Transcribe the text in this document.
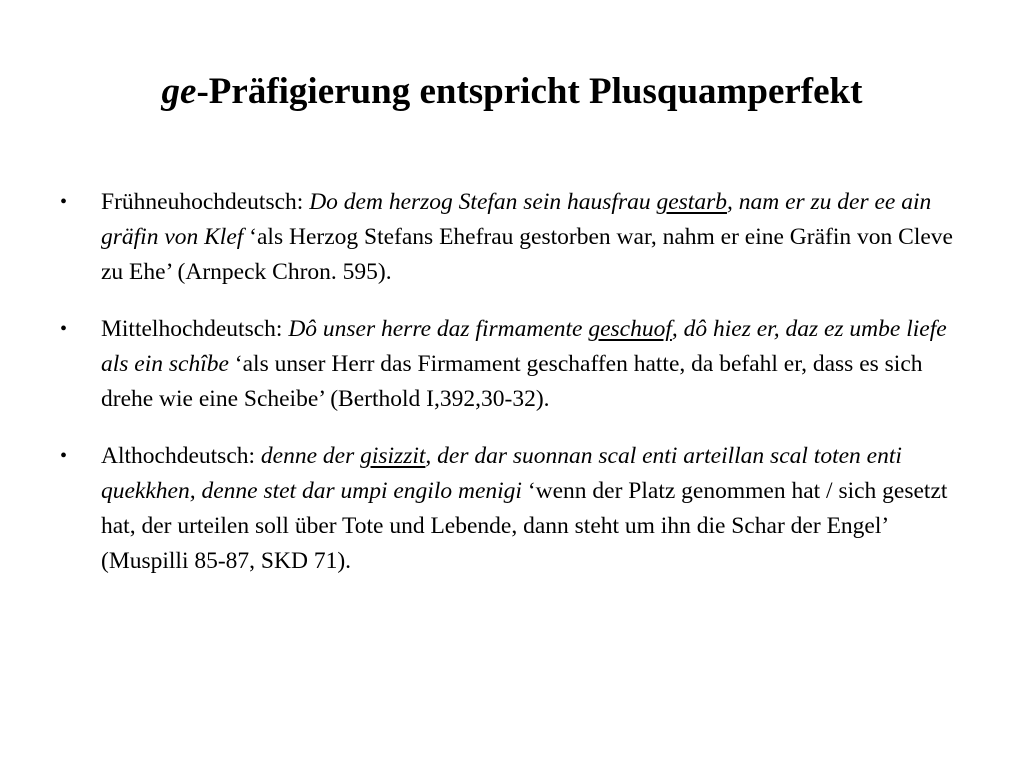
ge-Präfigierung entspricht Plusquamperfekt
• Frühneuhochdeutsch: Do dem herzog Stefan sein hausfrau gestarb, nam er zu der ee ain gräfin von Klef ‘als Herzog Stefans Ehefrau gestorben war, nahm er eine Gräfin von Cleve zu Ehe’ (Arnpeck Chron. 595).
• Mittelhochdeutsch: Dô unser herre daz firmamente geschuof, dô hiez er, daz ez umbe liefe als ein schîbe ‘als unser Herr das Firmament geschaffen hatte, da befahl er, dass es sich drehe wie eine Scheibe’ (Berthold I,392,30-32).
• Althochdeutsch: denne der gisizzit, der dar suonnan scal enti arteillan scal toten enti quekkhen, denne stet dar umpi engilo menigi ‘wenn der Platz genommen hat / sich gesetzt hat, der urteilen soll über Tote und Lebende, dann steht um ihn die Schar der Engel’ (Muspilli 85-87, SKD 71).
